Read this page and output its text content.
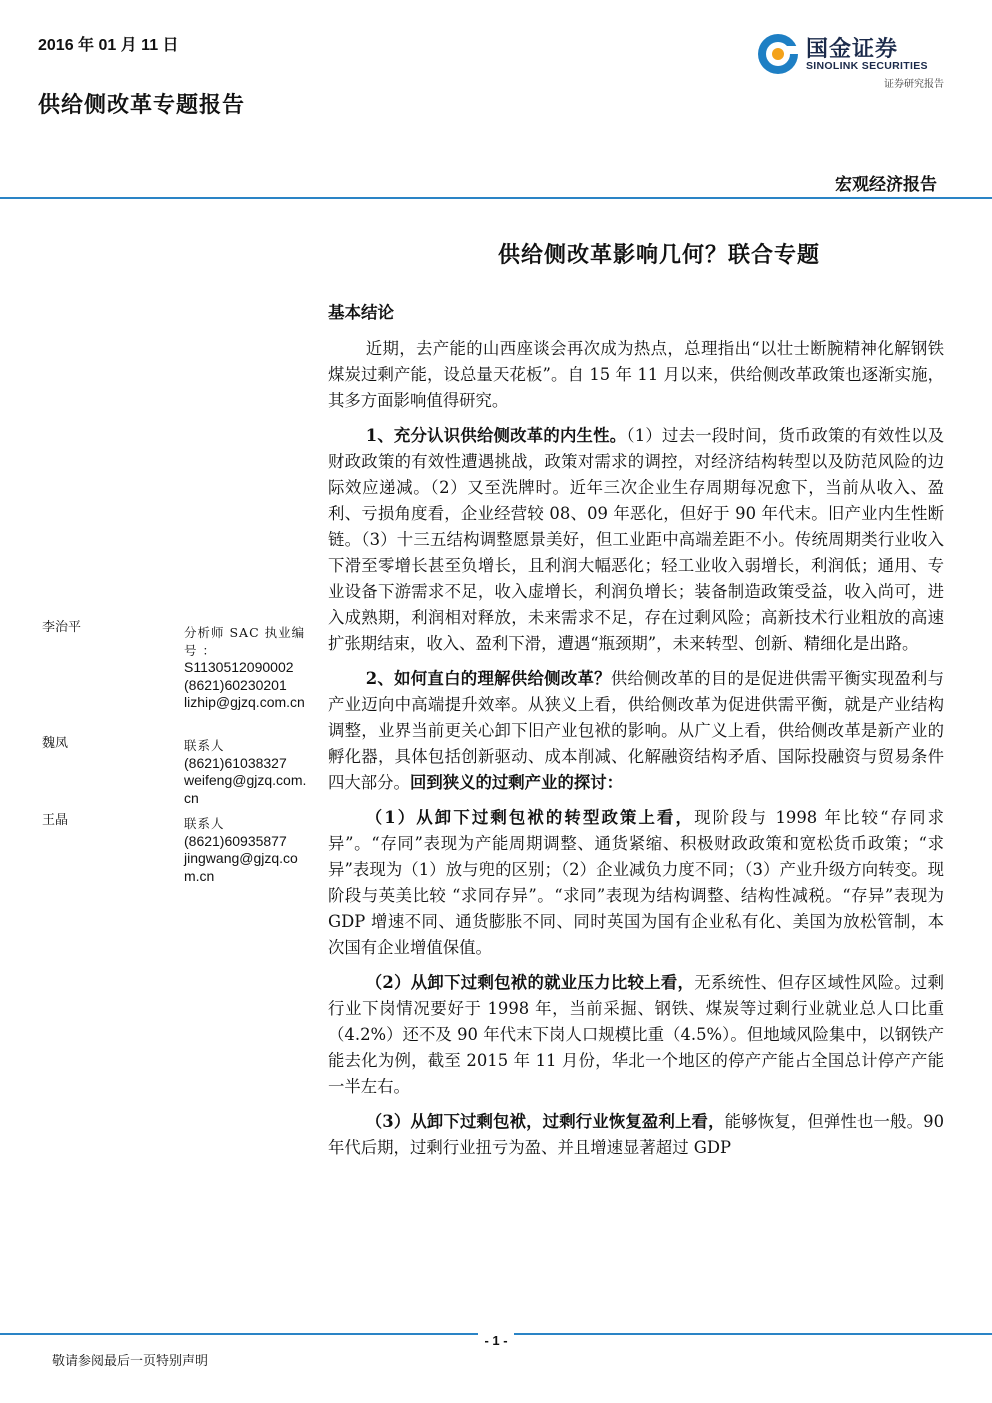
2016 年 01 月 11 日
供给侧改革专题报告
国金证券
SINOLINK SECURITIES
证券研究报告
宏观经济报告
供给侧改革影响几何？联合专题
李治平	分析师 SAC 执业编 号 ：
S1130512090002
(8621)60230201
lizhip@gjzq.com.cn
魏凤	联系人
(8621)61038327
weifeng@gjzq.com.cn
王晶	联系人
(8621)60935877
jingwang@gjzq.com.cn
基本结论

近期，去产能的山西座谈会再次成为热点，总理指出“以壮士断腕精神化解钢铁煤炭过剩产能，设总量天花板”。自 15 年 11 月以来，供给侧改革政策也逐渐实施，其多方面影响值得研究。

1、充分认识供给侧改革的内生性。（1）过去一段时间，货币政策的有效性以及财政政策的有效性遭遇挑战，政策对需求的调控，对经济结构转型以及防范风险的边际效应递减。（2）又至洗牌时。近年三次企业生存周期每况愈下，当前从收入、盈利、亏损角度看，企业经营较 08、09 年恶化，但好于 90 年代末。旧产业内生性断链。（3）十三五结构调整愿景美好，但工业距中高端差距不小。传统周期类行业收入下滑至零增长甚至负增长，且利润大幅恶化；轻工业收入弱增长，利润低；通用、专业设备下游需求不足，收入虚增长，利润负增长；装备制造政策受益，收入尚可，进入成熟期，利润相对释放，未来需求不足，存在过剩风险；高新技术行业粗放的高速扩张期结束，收入、盈利下滑，遭遇“瓶颈期”，未来转型、创新、精细化是出路。

2、如何直白的理解供给侧改革？供给侧改革的目的是促进供需平衡实现盈利与产业迈向中高端提升效率。从狭义上看，供给侧改革为促进供需平衡，就是产业结构调整，业界当前更关心卸下旧产业包袱的影响。从广义上看，供给侧改革是新产业的孵化器，具体包括创新驱动、成本削减、化解融资结构矛盾、国际投融资与贸易条件四大部分。回到狭义的过剩产业的探讨：

（1）从卸下过剩包袱的转型政策上看，现阶段与 1998 年比较“存同求异”。“存同”表现为产能周期调整、通货紧缩、积极财政政策和宽松货币政策；“求异”表现为（1）放与兜的区别；（2）企业减负力度不同；（3）产业升级方向转变。现阶段与英美比较 “求同存异”。“求同”表现为结构调整、结构性减税。“存异”表现为 GDP 增速不同、通货膨胀不同、同时英国为国有企业私有化、美国为放松管制，本次国有企业增值保值。

（2）从卸下过剩包袱的就业压力比较上看，无系统性、但存区域性风险。过剩行业下岗情况要好于 1998 年，当前采掘、钢铁、煤炭等过剩行业就业总人口比重（4.2%）还不及 90 年代末下岗人口规模比重（4.5%）。但地域风险集中，以钢铁产能去化为例，截至 2015 年 11 月份，华北一个地区的停产产能占全国总计停产产能一半左右。

（3）从卸下过剩包袱，过剩行业恢复盈利上看，能够恢复，但弹性也一般。90 年代后期，过剩行业扭亏为盈、并且增速显著超过 GDP

- 1 -
敬请参阅最后一页特别声明
